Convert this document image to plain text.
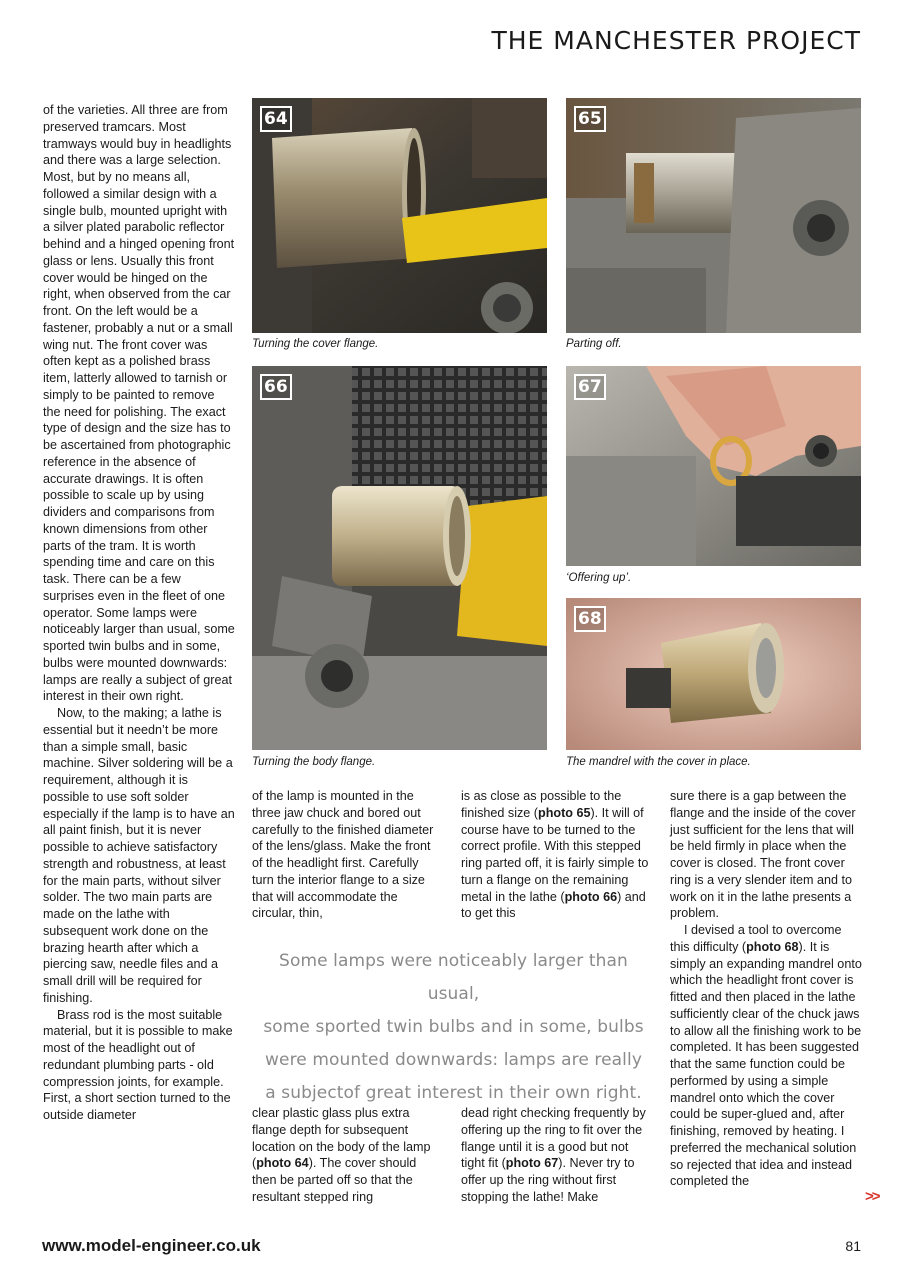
THE MANCHESTER PROJECT

of the varieties. All three are from preserved tramcars. Most tramways would buy in headlights and there was a large selection. Most, but by no means all, followed a similar design with a single bulb, mounted upright with a silver plated parabolic reflector behind and a hinged opening front glass or lens. Usually this front cover would be hinged on the right, when observed from the car front. On the left would be a fastener, probably a nut or a small wing nut. The front cover was often kept as a polished brass item, latterly allowed to tarnish or simply to be painted to remove the need for polishing. The exact type of design and the size has to be ascertained from photographic reference in the absence of accurate drawings. It is often possible to scale up by using dividers and comparisons from known dimensions from other parts of the tram. It is worth spending time and care on this task. There can be a few surprises even in the fleet of one operator. Some lamps were noticeably larger than usual, some sported twin bulbs and in some, bulbs were mounted downwards: lamps are really a subject of great interest in their own right.

Now, to the making; a lathe is essential but it needn’t be more than a simple small, basic machine. Silver soldering will be a requirement, although it is possible to use soft solder especially if the lamp is to have an all paint finish, but it is never possible to achieve satisfactory strength and robustness, at least for the main parts, without silver solder. The two main parts are made on the lathe with subsequent work done on the brazing hearth after which a piercing saw, needle files and a small drill will be required for finishing.

Brass rod is the most suitable material, but it is possible to make most of the headlight out of redundant plumbing parts - old compression joints, for example. First, a short section turned to the outside diameter

64
Turning the cover flange.
65
Parting off.
66
Turning the body flange.
67
‘Offering up’.
68
The mandrel with the cover in place.

of the lamp is mounted in the three jaw chuck and bored out carefully to the finished diameter of the lens/glass. Make the front of the headlight first. Carefully turn the interior flange to a size that will accommodate the circular, thin,

is as close as possible to the finished size (photo 65). It will of course have to be turned to the correct profile. With this stepped ring parted off, it is fairly simple to turn a flange on the remaining metal in the lathe (photo 66) and to get this

Some lamps were noticeably larger than usual,
some sported twin bulbs and in some, bulbs
were mounted downwards: lamps are really
a subjectof great interest in their own right.

clear plastic glass plus extra flange depth for subsequent location on the body of the lamp (photo 64). The cover should then be parted off so that the resultant stepped ring

dead right checking frequently by offering up the ring to fit over the flange until it is a good but not tight fit (photo 67). Never try to offer up the ring without first stopping the lathe! Make

sure there is a gap between the flange and the inside of the cover just sufficient for the lens that will be held firmly in place when the cover is closed. The front cover ring is a very slender item and to work on it in the lathe presents a problem.

I devised a tool to overcome this difficulty (photo 68). It is simply an expanding mandrel onto which the headlight front cover is fitted and then placed in the lathe sufficiently clear of the chuck jaws to allow all the finishing work to be completed. It has been suggested that the same function could be performed by using a simple mandrel onto which the cover could be super-glued and, after finishing, removed by heating. I preferred the mechanical solution so rejected that idea and instead completed the

>>
www.model-engineer.co.uk	81
